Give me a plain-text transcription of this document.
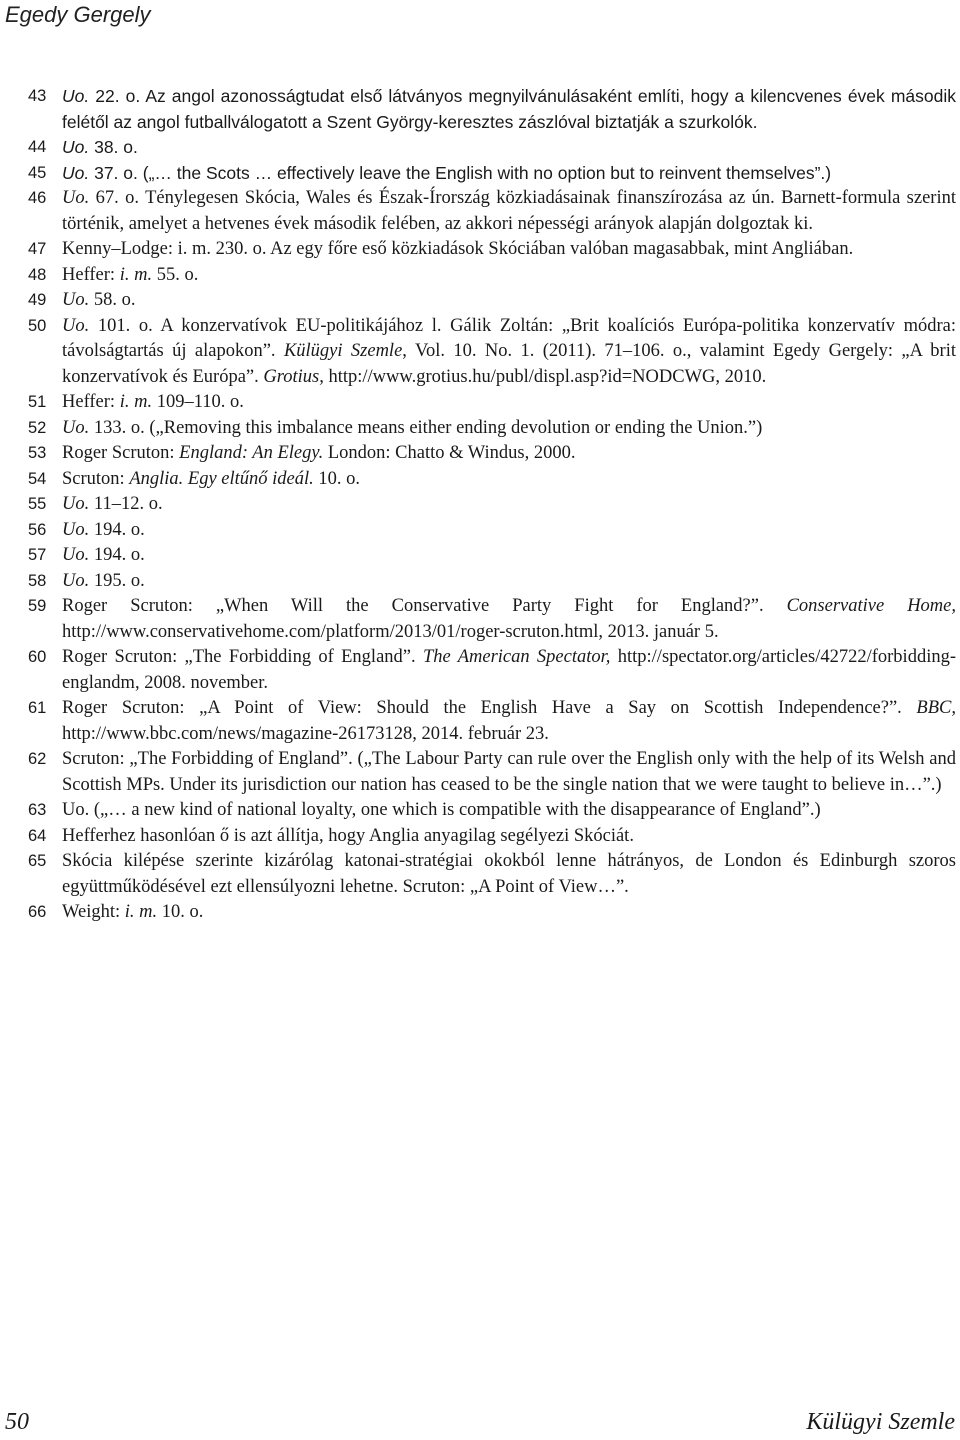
Egedy Gergely
43 Uo. 22. o. Az angol azonosságtudat első látványos megnyilvánulásaként említi, hogy a kilencvenes évek második felétől az angol futballválogatott a Szent György-keresztes zászlóval biztatják a szurkolók.
44 Uo. 38. o.
45 Uo. 37. o. („… the Scots … effectively leave the English with no option but to reinvent themselves”.)
46 Uo. 67. o. Ténylegesen Skócia, Wales és Észak-Írország közkiadásainak finanszírozása az ún. Barnett-formula szerint történik, amelyet a hetvenes évek második felében, az akkori népességi arányok alapján dolgoztak ki.
47 Kenny–Lodge: i. m. 230. o. Az egy főre eső közkiadások Skóciában valóban magasabbak, mint Angliában.
48 Heffer: i. m. 55. o.
49 Uo. 58. o.
50 Uo. 101. o. A konzervatívok EU-politikájához l. Gálik Zoltán: „Brit koalíciós Európa-politika konzervatív módra: távolságtartás új alapokon”. Külügyi Szemle, Vol. 10. No. 1. (2011). 71–106. o., valamint Egedy Gergely: „A brit konzervatívok és Európa”. Grotius, http://www.grotius.hu/publ/displ.asp?id=NODCWG, 2010.
51 Heffer: i. m. 109–110. o.
52 Uo. 133. o. („Removing this imbalance means either ending devolution or ending the Union.”)
53 Roger Scruton: England: An Elegy. London: Chatto & Windus, 2000.
54 Scruton: Anglia. Egy eltűnő ideál. 10. o.
55 Uo. 11–12. o.
56 Uo. 194. o.
57 Uo. 194. o.
58 Uo. 195. o.
59 Roger Scruton: „When Will the Conservative Party Fight for England?”. Conservative Home, http://www.conservativehome.com/platform/2013/01/roger-scruton.html, 2013. január 5.
60 Roger Scruton: „The Forbidding of England”. The American Spectator, http://spectator.org/articles/42722/forbidding-englandm, 2008. november.
61 Roger Scruton: „A Point of View: Should the English Have a Say on Scottish Independence?”. BBC, http://www.bbc.com/news/magazine-26173128, 2014. február 23.
62 Scruton: „The Forbidding of England”. („The Labour Party can rule over the English only with the help of its Welsh and Scottish MPs. Under its jurisdiction our nation has ceased to be the single nation that we were taught to believe in…”.)
63 Uo. („… a new kind of national loyalty, one which is compatible with the disappearance of England”.)
64 Hefferhez hasonlóan ő is azt állítja, hogy Anglia anyagilag segélyezi Skóciát.
65 Skócia kilépése szerinte kizárólag katonai-stratégiai okokból lenne hátrányos, de London és Edinburgh szoros együttműködésével ezt ellensúlyozni lehetne. Scruton: „A Point of View…”.
66 Weight: i. m. 10. o.
50	Külügyi Szemle
